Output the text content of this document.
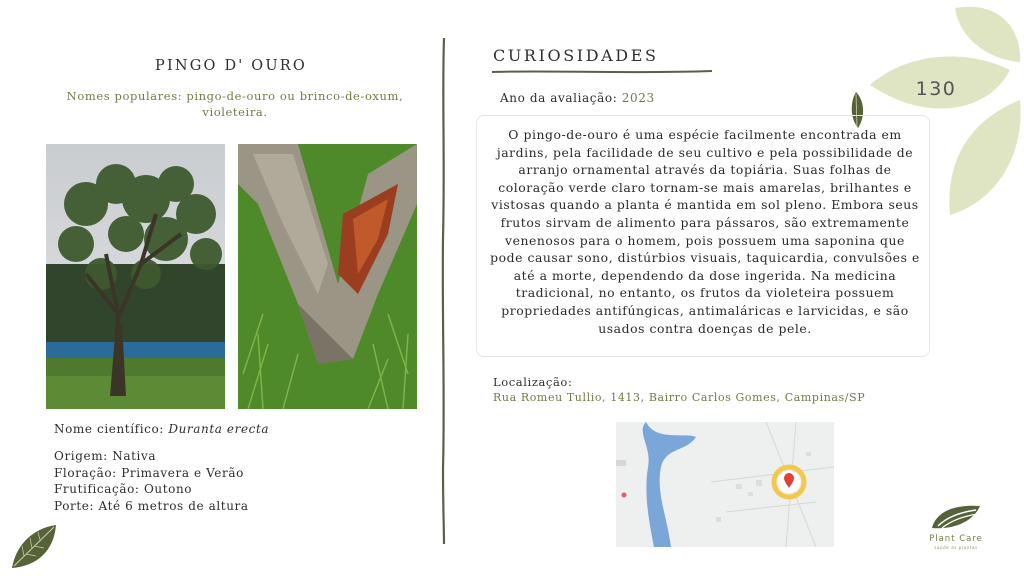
PINGO D' OURO
Nomes populares: pingo-de-ouro ou brinco-de-oxum, violeteira.
Nome científico: Duranta erecta
Origem: Nativa
Floração: Primavera e Verão
Frutificação: Outono
Porte: Até 6 metros de altura
CURIOSIDADES
Ano da avaliação: 2023
O pingo-de-ouro é uma espécie facilmente encontrada em jardins, pela facilidade de seu cultivo e pela possibilidade de arranjo ornamental através da topiária. Suas folhas de coloração verde claro tornam-se mais amarelas, brilhantes e vistosas quando a planta é mantida em sol pleno. Embora seus frutos sirvam de alimento para pássaros, são extremamente venenosos para o homem, pois possuem uma saponina que pode causar sono, distúrbios visuais, taquicardia, convulsões e até a morte, dependendo da dose ingerida. Na medicina tradicional, no entanto, os frutos da violeteira possuem propriedades antifúngicas, antimaláricas e larvicidas, e são usados contra doenças de pele.
Localização:
Rua Romeu Tullio, 1413, Bairro Carlos Gomes, Campinas/SP
130
Plant Care
saúde às plantas
